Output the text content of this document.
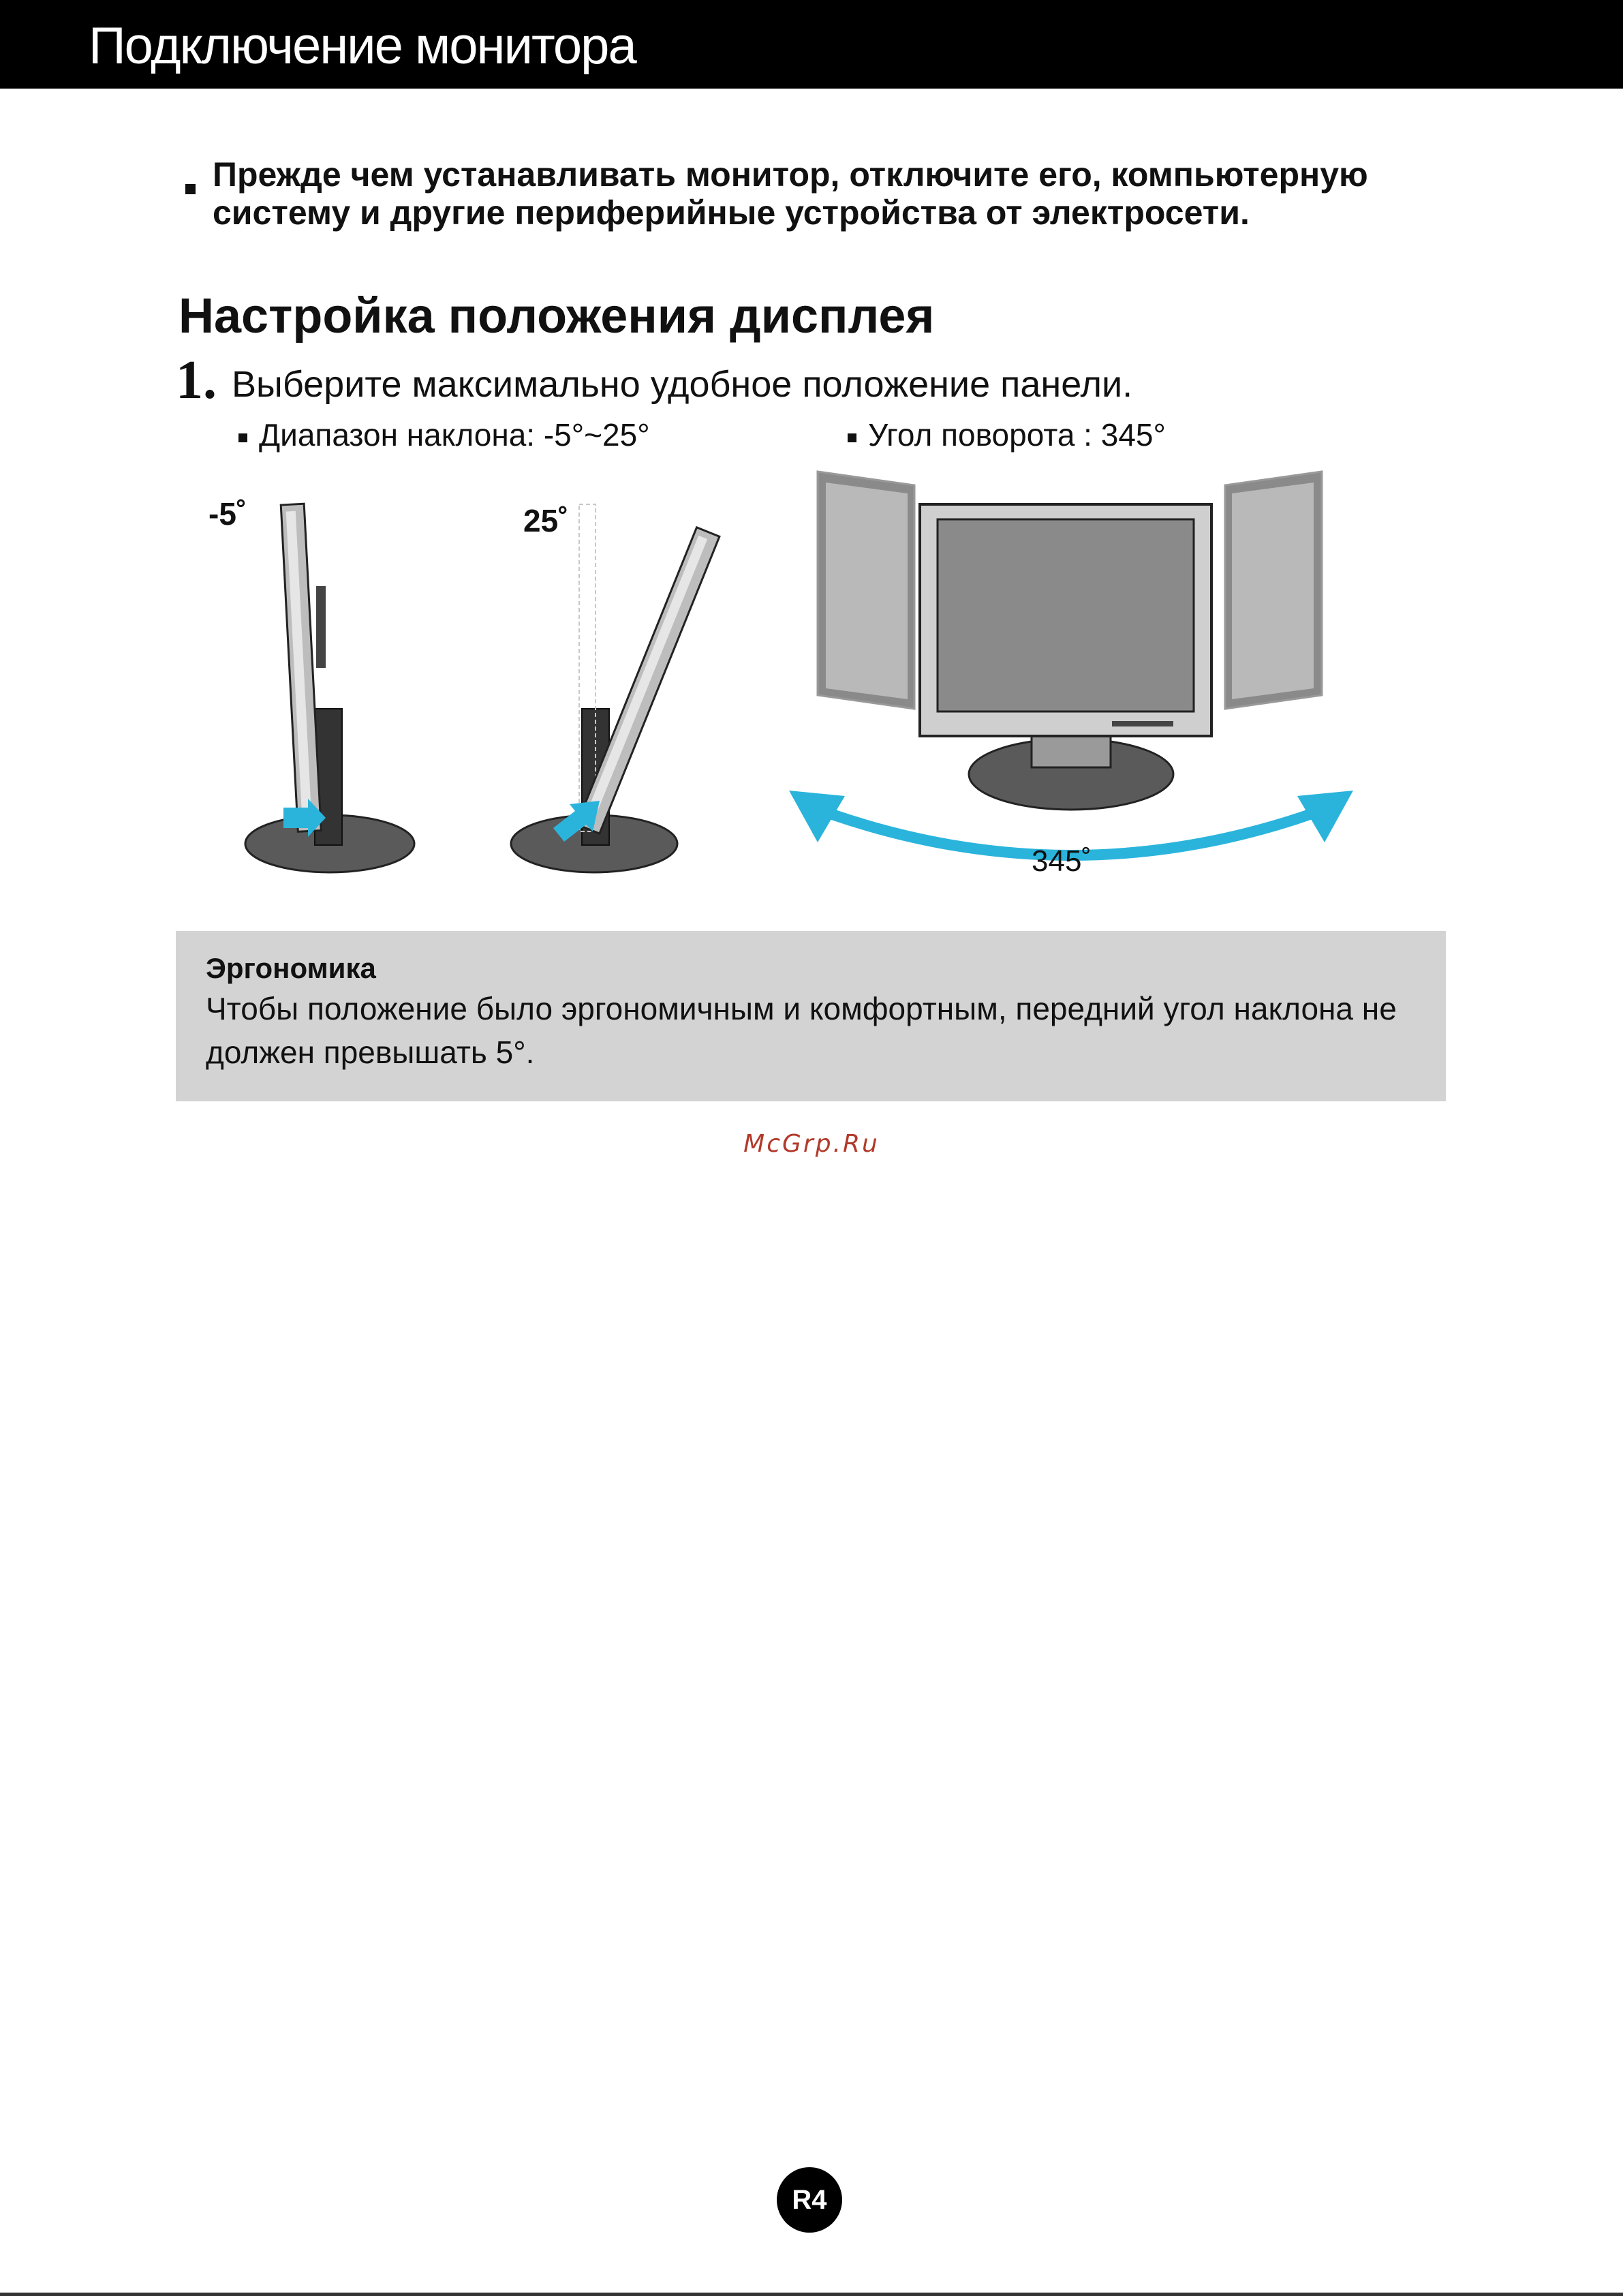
Подключение монитора
Прежде чем устанавливать монитор, отключите его, компьютерную систему и другие периферийные устройства от электросети.
Настройка положения дисплея
1. Выберите максимально удобное положение панели.
Диапазон наклона: -5°~25°	Угол поворота : 345°
-5˚	25˚
345˚
Эргономика
Чтобы положение было эргономичным и комфортным, передний угол наклона не должен превышать 5°.
McGrp.Ru
R4
